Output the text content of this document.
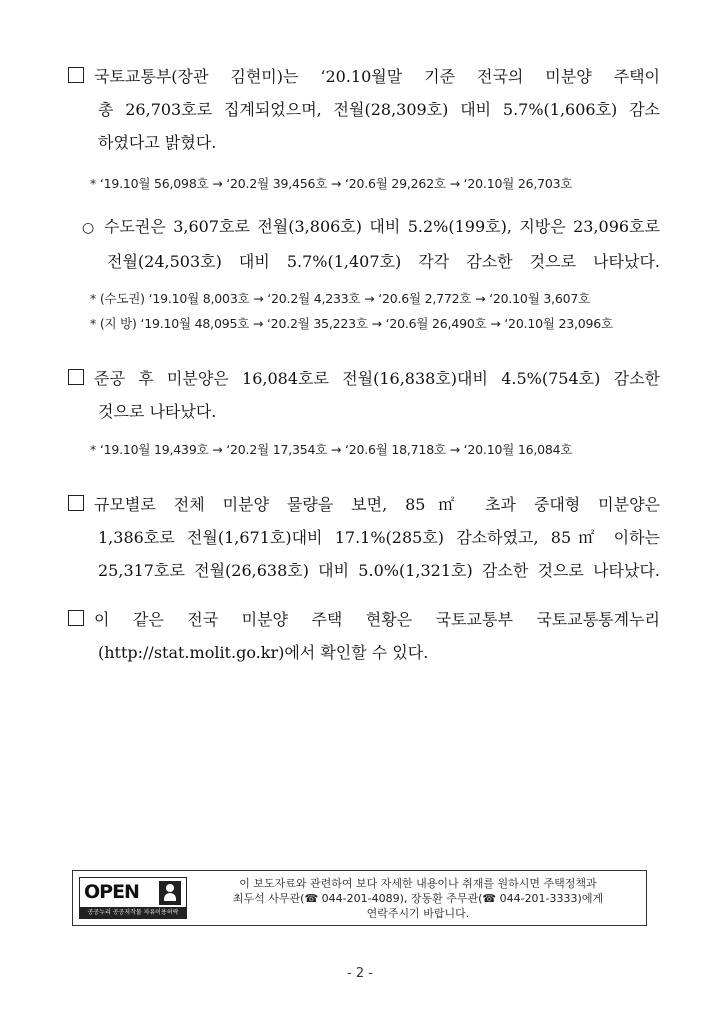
국토교통부(장관 김현미)는 ‘20.10월말 기준 전국의 미분양 주택이
총 26,703호로 집계되었으며, 전월(28,309호) 대비 5.7%(1,606호) 감소
하였다고 밝혔다.
* ‘19.10월 56,098호 → ‘20.2월 39,456호 → ‘20.6월 29,262호 → ‘20.10월 26,703호
○ 수도권은 3,607호로 전월(3,806호) 대비 5.2%(199호), 지방은 23,096호로
전월(24,503호) 대비 5.7%(1,407호) 각각 감소한 것으로 나타났다.
* (수도권) ‘19.10월 8,003호 → ‘20.2월 4,233호 → ‘20.6월 2,772호 → ‘20.10월 3,607호
* (지 방) ‘19.10월 48,095호 → ‘20.2월 35,223호 → ‘20.6월 26,490호 → ‘20.10월 23,096호
준공 후 미분양은 16,084호로 전월(16,838호)대비 4.5%(754호) 감소한
것으로 나타났다.
* ‘19.10월 19,439호 → ‘20.2월 17,354호 → ‘20.6월 18,718호 → ‘20.10월 16,084호
규모별로 전체 미분양 물량을 보면, 85㎡ 초과 중대형 미분양은
1,386호로 전월(1,671호)대비 17.1%(285호) 감소하였고, 85㎡ 이하는
25,317호로 전월(26,638호) 대비 5.0%(1,321호) 감소한 것으로 나타났다.
이 같은 전국 미분양 주택 현황은 국토교통부 국토교통통계누리
(http://stat.molit.go.kr)에서 확인할 수 있다.
OPEN
공공누리 공공저작물 자유이용허락
이 보도자료와 관련하여 보다 자세한 내용이나 취재를 원하시면 주택정책과
최두석 사무관(☎ 044-201-4089), 장동환 주무관(☎ 044-201-3333)에게
연락주시기 바랍니다.
- 2 -
